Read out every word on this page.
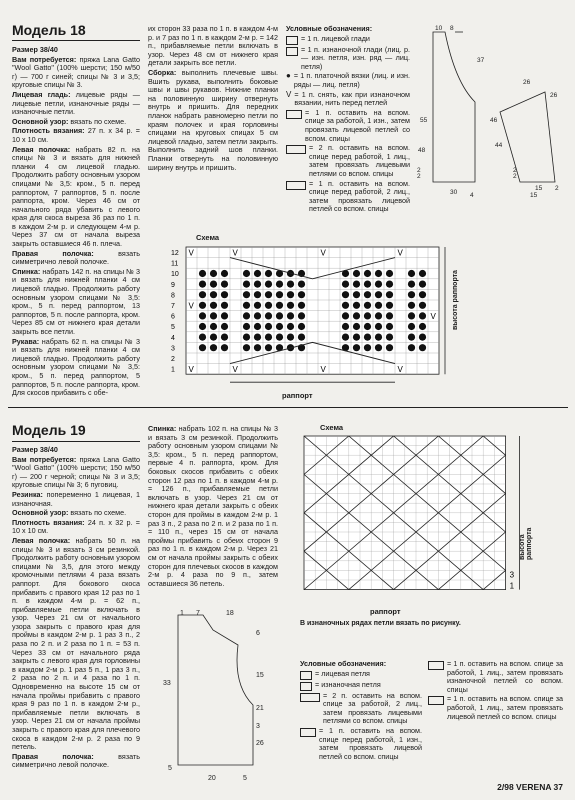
Модель 18

Размер 38/40

Вам потребуется: пряжа Lana Gatto "Wool Gatto" (100% шерсти; 150 м/50 г) — 700 г синей; спицы № 3 и 3,5; круговые спицы № 3.

Лицевая гладь: лицевые ряды — лицевые петли, изнаночные ряды — изнаночные петли.

Основной узор: вязать по схеме.

Плотность вязания: 27 п. x 34 р. = 10 x 10 см.

Левая полочка: набрать 82 п. на спицы № 3 и вязать для нижней планки 4 см лицевой гладью. Продолжить работу основным узором спицами № 3,5: кром., 5 п. перед раппортом, 7 раппортов, 5 п. после раппорта, кром. Через 46 см от начального ряда убавить с левого края для скоса выреза 36 раз по 1 п. в каждом 2-м р. и следующем 4-м р. Через 37 см от начала выреза закрыть оставшиеся 46 п. плеча.

Правая полочка: вязать симметрично левой полочке.

Спинка: набрать 142 п. на спицы № 3 и вязать для нижней планки 4 см лицевой гладью. Продолжить работу основным узором спицами № 3,5: кром., 5 п. перед раппортом, 13 раппортов, 5 п. после раппорта, кром. Через 85 см от нижнего края детали закрыть все петли.

Рукава: набрать 62 п. на спицы № 3 и вязать для нижней планки 4 см лицевой гладью. Продолжить работу основным узором спицами № 3,5: кром., 5 п. перед раппортом, 5 раппортов, 5 п. после раппорта, кром. Для скосов прибавить с обе-

их сторон 33 раза по 1 п. в каждом 4-м р. и 7 раз по 1 п. в каждом 2-м р. = 142 п., прибавляемые петли включать в узор. Через 48 см от нижнего края детали закрыть все петли.

Сборка: выполнить плечевые швы. Вшить рукава, выполнить боковые швы и швы рукавов. Нижние планки на половинную ширину отвернуть внутрь и пришить. Для передних планок набрать равномерно петли по краям полочек и края горловины спицами на круговых спицах 5 см лицевой гладью, затем петли закрыть. Выполнить задний шов планки. Планки отвернуть на половинную ширину внутрь и пришить.

Условные обозначения:

= 1 п. лицевой глади
= 1 п. изнаночной глади (лиц. р. — изн. петля, изн. ряд — лиц. петля)
● = 1 п. платочной вязки (лиц. и изн. ряды — лиц. петля)
V = 1 п. снять, как при изнаночном вязании, нить перед петлей
= 1 п. оставить на вспом. спице за работой, 1 изн., затем провязать лицевой петлей со вспом. спицы
= 2 п. оставить на вспом. спице перед работой, 1 лиц., затем провязать лицевыми петлями со вспом. спицы
= 1 п. оставить на вспом. спице перед работой, 2 лиц., затем провязать лицевой петлей со вспом. спицы
10 8
26
26
55
48
44
46
37
2
2
2
2
4
30	15
15 2
Схема
12
11
10
9
8
7
6
5
4
3
2
1
V	V	V	V
V	V	V	V
V
V
раппорт
высота раппорта
Модель 19

Размер 38/40

Вам потребуется: пряжа Lana Gatto "Wool Gatto" (100% шерсти; 150 м/50 г) — 200 г черной; спицы № 3 и 3,5; круговые спицы № 3; 6 пуговиц.

Резинка: попеременно 1 лицевая, 1 изнаночная.

Основной узор: вязать по схеме.

Плотность вязания: 24 п. x 32 р. = 10 x 10 см.

Левая полочка: набрать 50 п. на спицы № 3 и вязать 3 см резинкой. Продолжить работу основным узором спицами № 3,5, для этого между кромочными петлями 4 раза вязать раппорт. Для бокового скоса прибавить с правого края 12 раз по 1 п. в каждом 4-м р. = 62 п., прибавляемые петли включать в узор. Через 21 см от начального узора закрыть с правого края для проймы в каждом 2-м р. 1 раз 3 п., 2 раза по 2 п. и 2 раза по 1 п. = 53 п. Через 33 см от начального ряда закрыть с левого края для горловины в каждом 2-м р. 1 раз 5 п., 1 раз 3 п., 2 раза по 2 п. и 4 раза по 1 п. Одновременно на высоте 15 см от начала проймы прибавить с правого края 9 раз по 1 п. в каждом 2-м р., прибавляемые петли включать в узор. Через 21 см от начала проймы закрыть с правого края для плечевого скоса в каждом 2-м р. 2 раза по 9 петель.

Правая полочка: вязать симметрично левой полочке.

Спинка: набрать 102 п. на спицы № 3 и вязать 3 см резинкой. Продолжить работу основным узором спицами № 3,5: кром., 5 п. перед раппортом, первые 4 п. раппорта, кром. Для боковых скосов прибавить с обеих сторон 12 раз по 1 п. в каждом 4-м р. = 126 п., прибавляемые петли включать в узор. Через 21 см от нижнего края детали закрыть с обеих сторон для проймы в каждом 2-м р. 1 раз 3 п., 2 раза по 2 п. и 2 раза по 1 п. = 110 п., через 15 см от начала проймы прибавить с обеих сторон 9 раз по 1 п. в каждом 2-м р. Через 21 см от начала проймы закрыть с обеих сторон для плечевых скосов в каждом 2-м р. 4 раза по 9 п., затем оставшиеся 36 петель.

1 7	18
6
15
21
3
33
26
5
20	5
Схема
3
1
раппорт
высота раппорта
В изнаночных рядах петли вязать по рисунку.

Условные обозначения:

= лицевая петля
= изнаночная петля
= 2 п. оставить на вспом. спице за работой, 2 лиц., затем провязать лицевыми петлями со вспом. спицы
= 1 п. оставить на вспом. спице перед работой, 1 изн., затем провязать лицевой петлей со вспом. спицы
= 1 п. оставить на вспом. спице за работой, 1 лиц., затем провязать изнаночной петлей со вспом. спицы
= 1 п. оставить на вспом. спице за работой, 1 лиц., затем провязать лицевой петлей со вспом. спицы
2/98 VERENA 37
